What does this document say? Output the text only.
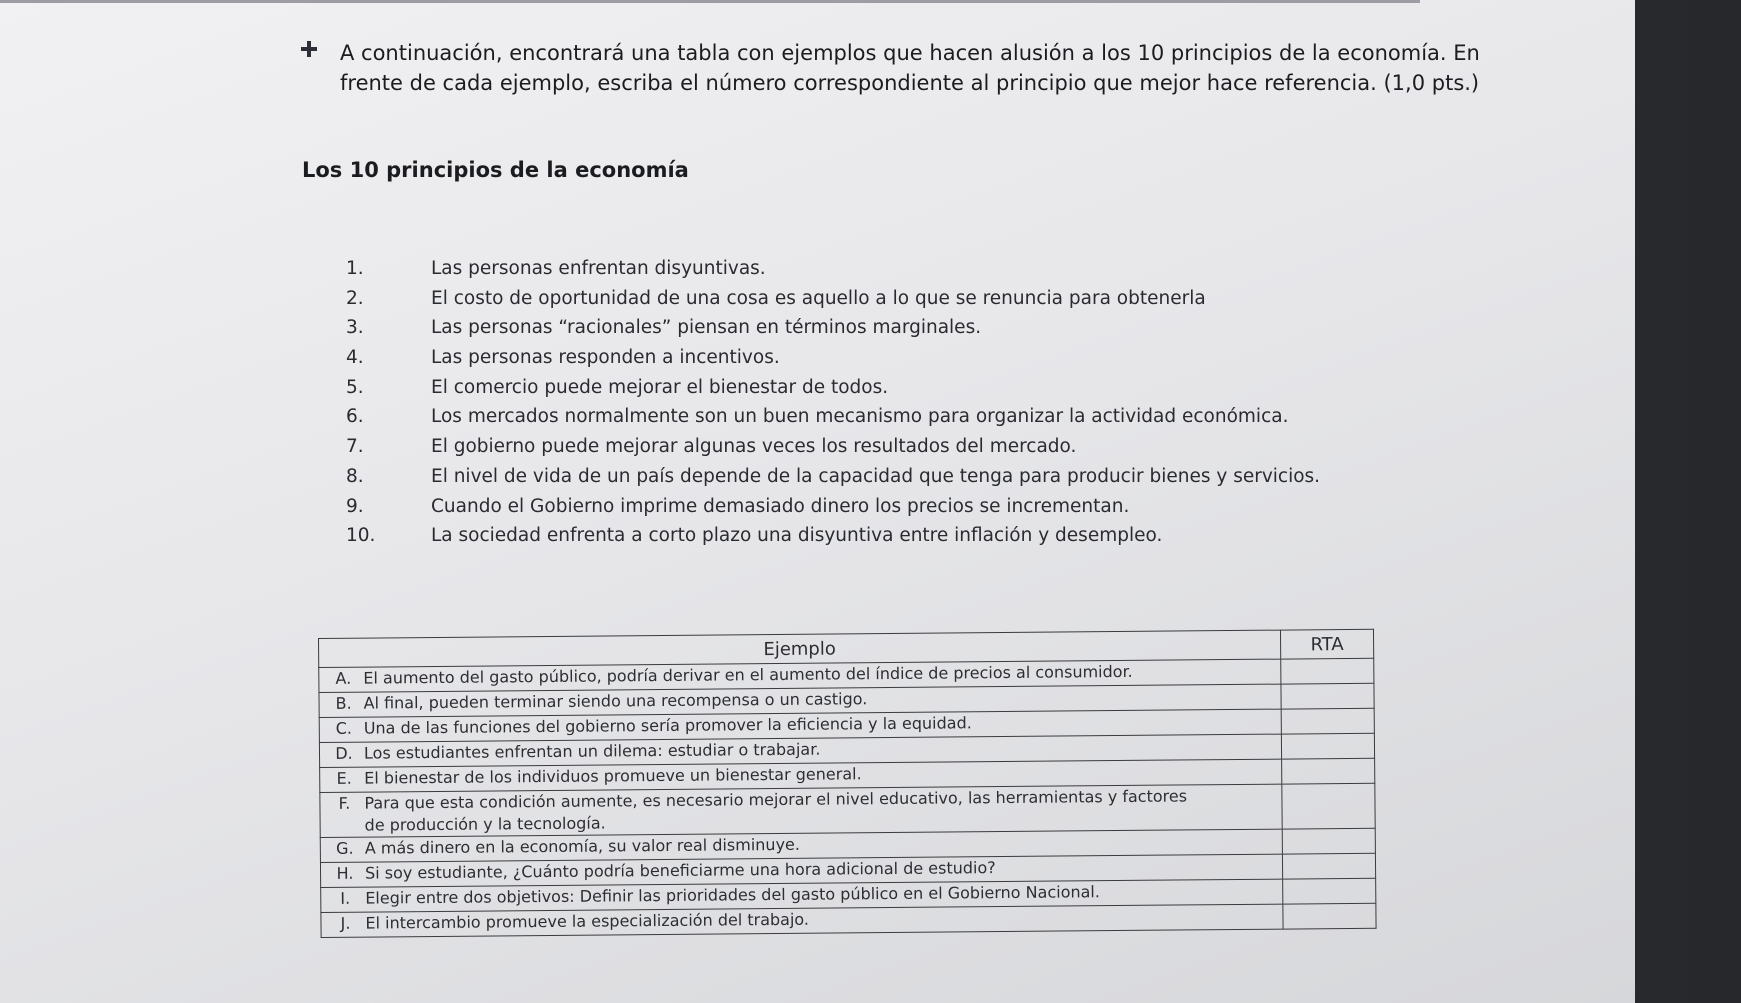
A continuación, encontrará una tabla con ejemplos que hacen alusión a los 10 principios de la economía. En
frente de cada ejemplo, escriba el número correspondiente al principio que mejor hace referencia. (1,0 pts.)
Los 10 principios de la economía
1.	Las personas enfrentan disyuntivas.
2.	El costo de oportunidad de una cosa es aquello a lo que se renuncia para obtenerla
3.	Las personas “racionales” piensan en términos marginales.
4.	Las personas responden a incentivos.
5.	El comercio puede mejorar el bienestar de todos.
6.	Los mercados normalmente son un buen mecanismo para organizar la actividad económica.
7.	El gobierno puede mejorar algunas veces los resultados del mercado.
8.	El nivel de vida de un país depende de la capacidad que tenga para producir bienes y servicios.
9.	Cuando el Gobierno imprime demasiado dinero los precios se incrementan.
10.	La sociedad enfrenta a corto plazo una disyuntiva entre inflación y desempleo.
Ejemplo	RTA
A. El aumento del gasto público, podría derivar en el aumento del índice de precios al consumidor.	
B. Al final, pueden terminar siendo una recompensa o un castigo.	
C. Una de las funciones del gobierno sería promover la eficiencia y la equidad.	
D. Los estudiantes enfrentan un dilema: estudiar o trabajar.	
E. El bienestar de los individuos promueve un bienestar general.	
F. Para que esta condición aumente, es necesario mejorar el nivel educativo, las herramientas y factores
de producción y la tecnología.	
G. A más dinero en la economía, su valor real disminuye.	
H. Si soy estudiante, ¿Cuánto podría beneficiarme una hora adicional de estudio?	
I. Elegir entre dos objetivos: Definir las prioridades del gasto público en el Gobierno Nacional.	
J. El intercambio promueve la especialización del trabajo.	
